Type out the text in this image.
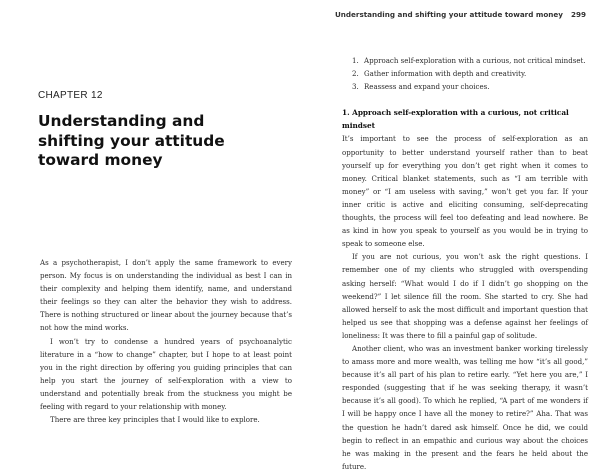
CHAPTER 12
Understanding and shifting your attitude toward money

As a psychotherapist, I don’t apply the same framework to every person. My focus is on understanding the individual as best I can in their complexity and helping them identify, name, and understand their feelings so they can alter the behavior they wish to address. There is nothing structured or linear about the journey because that’s not how the mind works.

I won’t try to condense a hundred years of psychoanalytic literature in a “how to change” chapter, but I hope to at least point you in the right direction by offering you guiding principles that can help you start the journey of self-exploration with a view to understand and potentially break from the stuckness you might be feeling with regard to your relationship with money.

There are three key principles that I would like to explore.

Understanding and shifting your attitude toward money 299
1. Approach self-exploration with a curious, not critical mindset.
2. Gather information with depth and creativity.
3. Reassess and expand your choices.

1. Approach self-exploration with a curious, not critical mindset

It’s important to see the process of self-exploration as an opportunity to better understand yourself rather than to beat yourself up for everything you don’t get right when it comes to money. Critical blanket statements, such as “I am terrible with money” or “I am useless with saving,” won’t get you far. If your inner critic is active and eliciting consuming, self-deprecating thoughts, the process will feel too defeating and lead nowhere. Be as kind in how you speak to yourself as you would be in trying to speak to someone else.

If you are not curious, you won’t ask the right questions. I remember one of my clients who struggled with overspending asking herself: “What would I do if I didn’t go shopping on the weekend?” I let silence fill the room. She started to cry. She had allowed herself to ask the most difficult and important question that helped us see that shopping was a defense against her feelings of loneliness: It was there to fill a painful gap of solitude.

Another client, who was an investment banker working tirelessly to amass more and more wealth, was telling me how “it’s all good,” because it’s all part of his plan to retire early. “Yet here you are,” I responded (suggesting that if he was seeking therapy, it wasn’t because it’s all good). To which he replied, “A part of me wonders if I will be happy once I have all the money to retire?” Aha. That was the question he hadn’t dared ask himself. Once he did, we could begin to reflect in an empathic and curious way about the choices he was making in the present and the fears he held about the future.
